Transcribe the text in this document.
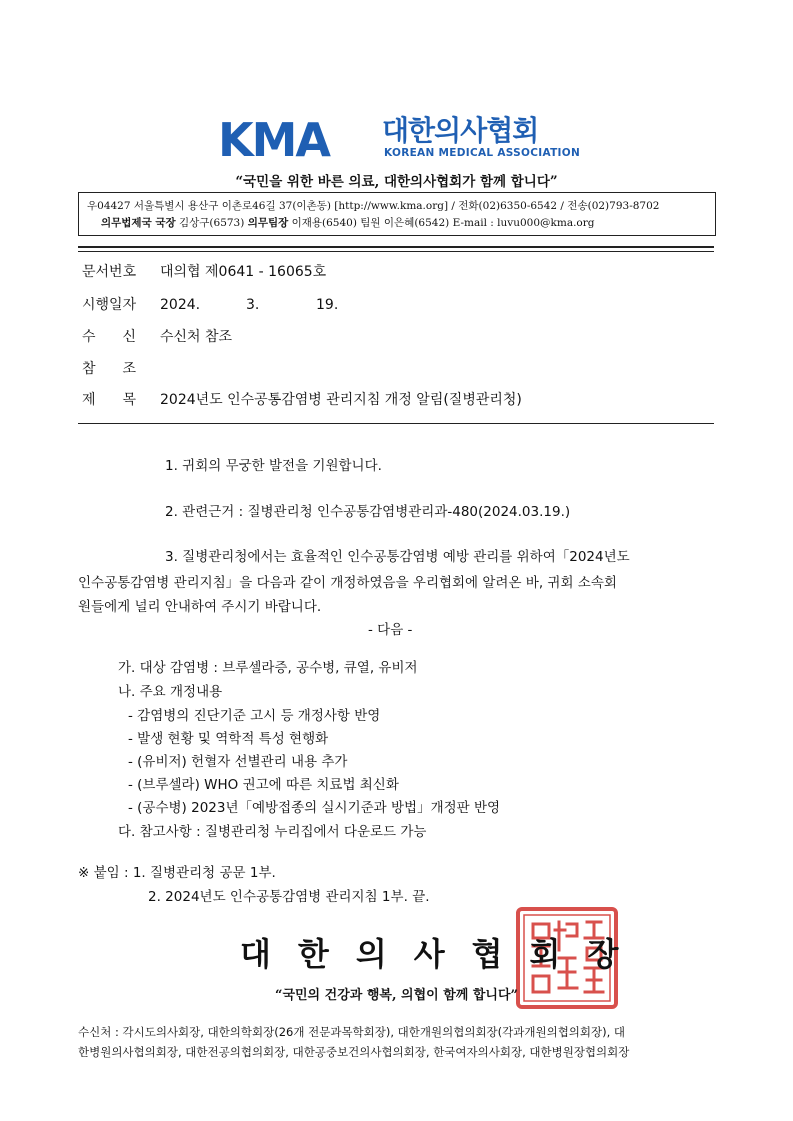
KMA 대한의사협회
KOREAN MEDICAL ASSOCIATION
“국민을 위한 바른 의료, 대한의사협회가 함께 합니다”
우04427 서울특별시 용산구 이촌로46길 37(이촌동) [http://www.kma.org] / 전화(02)6350-6542 / 전송(02)793-8702
의무법제국 국장 김상구(6573) 의무팀장 이재용(6540) 팀원 이은혜(6542) E-mail : luvu000@kma.org
문서번호 대의협 제0641 - 16065호
시행일자 2024.	3.	19.
수신수신처 참조
참조
제목2024년도 인수공통감염병 관리지침 개정 알림(질병관리청)
1. 귀회의 무궁한 발전을 기원합니다.
2. 관련근거 : 질병관리청 인수공통감염병관리과-480(2024.03.19.)
3. 질병관리청에서는 효율적인 인수공통감염병 예방 관리를 위하여「2024년도
인수공통감염병 관리지침」을 다음과 같이 개정하였음을 우리협회에 알려온 바, 귀회 소속회
원들에게 널리 안내하여 주시기 바랍니다.
- 다음 -
가. 대상 감염병 : 브루셀라증, 공수병, 큐열, 유비저
나. 주요 개정내용
- 감염병의 진단기준 고시 등 개정사항 반영
- 발생 현황 및 역학적 특성 현행화
- (유비저) 헌혈자 선별관리 내용 추가
- (브루셀라) WHO 권고에 따른 치료법 최신화
- (공수병) 2023년「예방접종의 실시기준과 방법」개정판 반영
다. 참고사항 : 질병관리청 누리집에서 다운로드 가능
※ 붙임 : 1. 질병관리청 공문 1부.
2. 2024년도 인수공통감염병 관리지침 1부. 끝.
대한의사협회장
“국민의 건강과 행복, 의협이 함께 합니다”
수신처 : 각시도의사회장, 대한의학회장(26개 전문과목학회장), 대한개원의협의회장(각과개원의협의회장), 대
한병원의사협의회장, 대한전공의협의회장, 대한공중보건의사협의회장, 한국여자의사회장, 대한병원장협의회장
